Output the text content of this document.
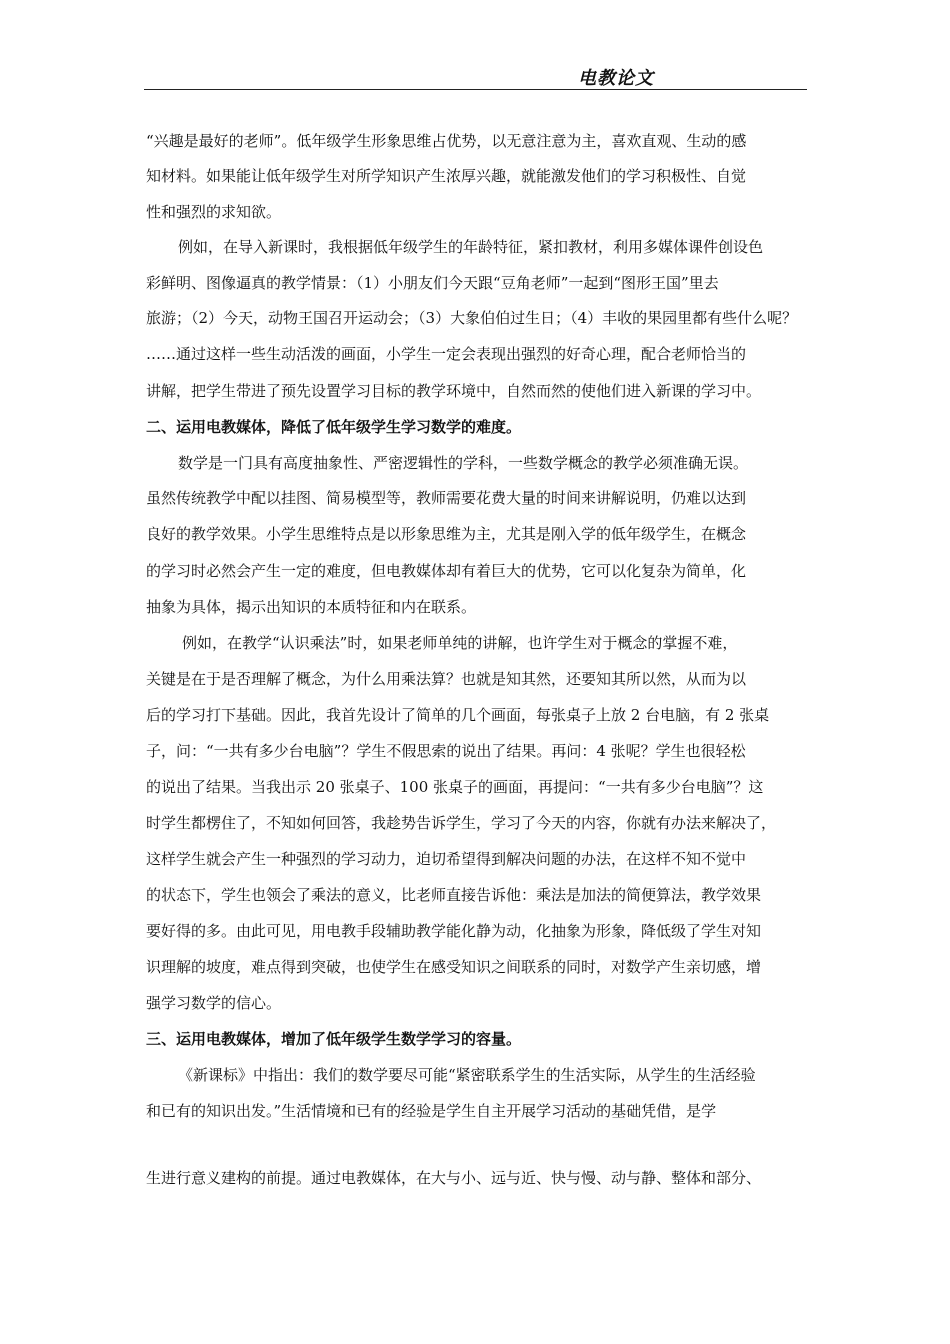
电教论文
“兴趣是最好的老师”。低年级学生形象思维占优势，以无意注意为主，喜欢直观、生动的感
知材料。如果能让低年级学生对所学知识产生浓厚兴趣，就能激发他们的学习积极性、自觉
性和强烈的求知欲。
例如，在导入新课时，我根据低年级学生的年龄特征，紧扣教材，利用多媒体课件创设色
彩鲜明、图像逼真的教学情景：（1）小朋友们今天跟“豆角老师”一起到“图形王国”里去
旅游；（2）今天，动物王国召开运动会；（3）大象伯伯过生日；（4）丰收的果园里都有些什么呢？
……通过这样一些生动活泼的画面，小学生一定会表现出强烈的好奇心理，配合老师恰当的
讲解，把学生带进了预先设置学习目标的教学环境中，自然而然的使他们进入新课的学习中。
二、运用电教媒体，降低了低年级学生学习数学的难度。
数学是一门具有高度抽象性、严密逻辑性的学科，一些数学概念的教学必须准确无误。
虽然传统教学中配以挂图、简易模型等，教师需要花费大量的时间来讲解说明，仍难以达到
良好的教学效果。小学生思维特点是以形象思维为主，尤其是刚入学的低年级学生，在概念
的学习时必然会产生一定的难度，但电教媒体却有着巨大的优势，它可以化复杂为简单，化
抽象为具体，揭示出知识的本质特征和内在联系。
例如，在教学“认识乘法”时，如果老师单纯的讲解，也许学生对于概念的掌握不难，
关键是在于是否理解了概念，为什么用乘法算？也就是知其然，还要知其所以然，从而为以
后的学习打下基础。因此，我首先设计了简单的几个画面，每张桌子上放 2 台电脑，有 2 张桌
子，问：“一共有多少台电脑”？学生不假思索的说出了结果。再问：4 张呢？学生也很轻松
的说出了结果。当我出示 20 张桌子、100 张桌子的画面，再提问：“一共有多少台电脑”？这
时学生都楞住了，不知如何回答，我趁势告诉学生，学习了今天的内容，你就有办法来解决了，
这样学生就会产生一种强烈的学习动力，迫切希望得到解决问题的办法，在这样不知不觉中
的状态下，学生也领会了乘法的意义，比老师直接告诉他：乘法是加法的简便算法，教学效果
要好得的多。由此可见，用电教手段辅助教学能化静为动，化抽象为形象，降低级了学生对知
识理解的坡度，难点得到突破，也使学生在感受知识之间联系的同时，对数学产生亲切感，增
强学习数学的信心。
三、运用电教媒体，增加了低年级学生数学学习的容量。
《新课标》中指出：我们的数学要尽可能“紧密联系学生的生活实际，从学生的生活经验
和已有的知识出发。”生活情境和已有的经验是学生自主开展学习活动的基础凭借，是学
生进行意义建构的前提。通过电教媒体，在大与小、远与近、快与慢、动与静、整体和部分、
